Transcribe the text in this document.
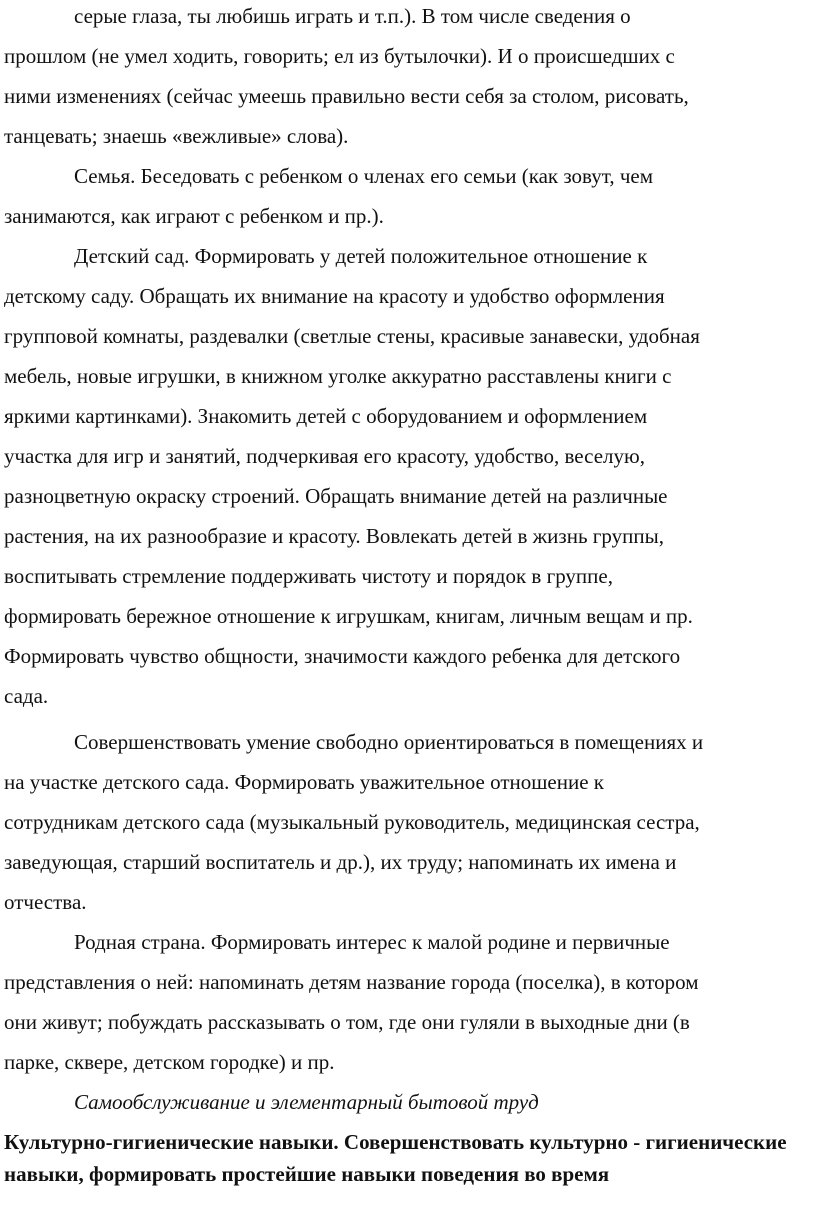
серые глаза, ты любишь играть и т.п.). В том числе сведения о
прошлом (не умел ходить, говорить; ел из бутылочки). И о происшедших с
ними изменениях (сейчас умеешь правильно вести себя за столом, рисовать,
танцевать; знаешь «вежливые» слова).
Семья. Беседовать с ребенком о членах его семьи (как зовут, чем
занимаются, как играют с ребенком и пр.).
Детский сад. Формировать у детей положительное отношение к
детскому саду. Обращать их внимание на красоту и удобство оформления
групповой комнаты, раздевалки (светлые стены, красивые занавески, удобная
мебель, новые игрушки, в книжном уголке аккуратно расставлены книги с
яркими картинками). Знакомить детей с оборудованием и оформлением
участка для игр и занятий, подчеркивая его красоту, удобство, веселую,
разноцветную окраску строений. Обращать внимание детей на различные
растения, на их разнообразие и красоту. Вовлекать детей в жизнь группы,
воспитывать стремление поддерживать чистоту и порядок в группе,
формировать бережное отношение к игрушкам, книгам, личным вещам и пр.
Формировать чувство общности, значимости каждого ребенка для детского
сада.
Совершенствовать умение свободно ориентироваться в помещениях и
на участке детского сада. Формировать уважительное отношение к
сотрудникам детского сада (музыкальный руководитель, медицинская сестра,
заведующая, старший воспитатель и др.), их труду; напоминать их имена и
отчества.
Родная страна. Формировать интерес к малой родине и первичные
представления о ней: напоминать детям название города (поселка), в котором
они живут; побуждать рассказывать о том, где они гуляли в выходные дни (в
парке, сквере, детском городке) и пр.
Самообслуживание и элементарный бытовой труд
Культурно-гигиенические навыки. Совершенствовать культурно - гигиенические
навыки, формировать простейшие навыки поведения во время
